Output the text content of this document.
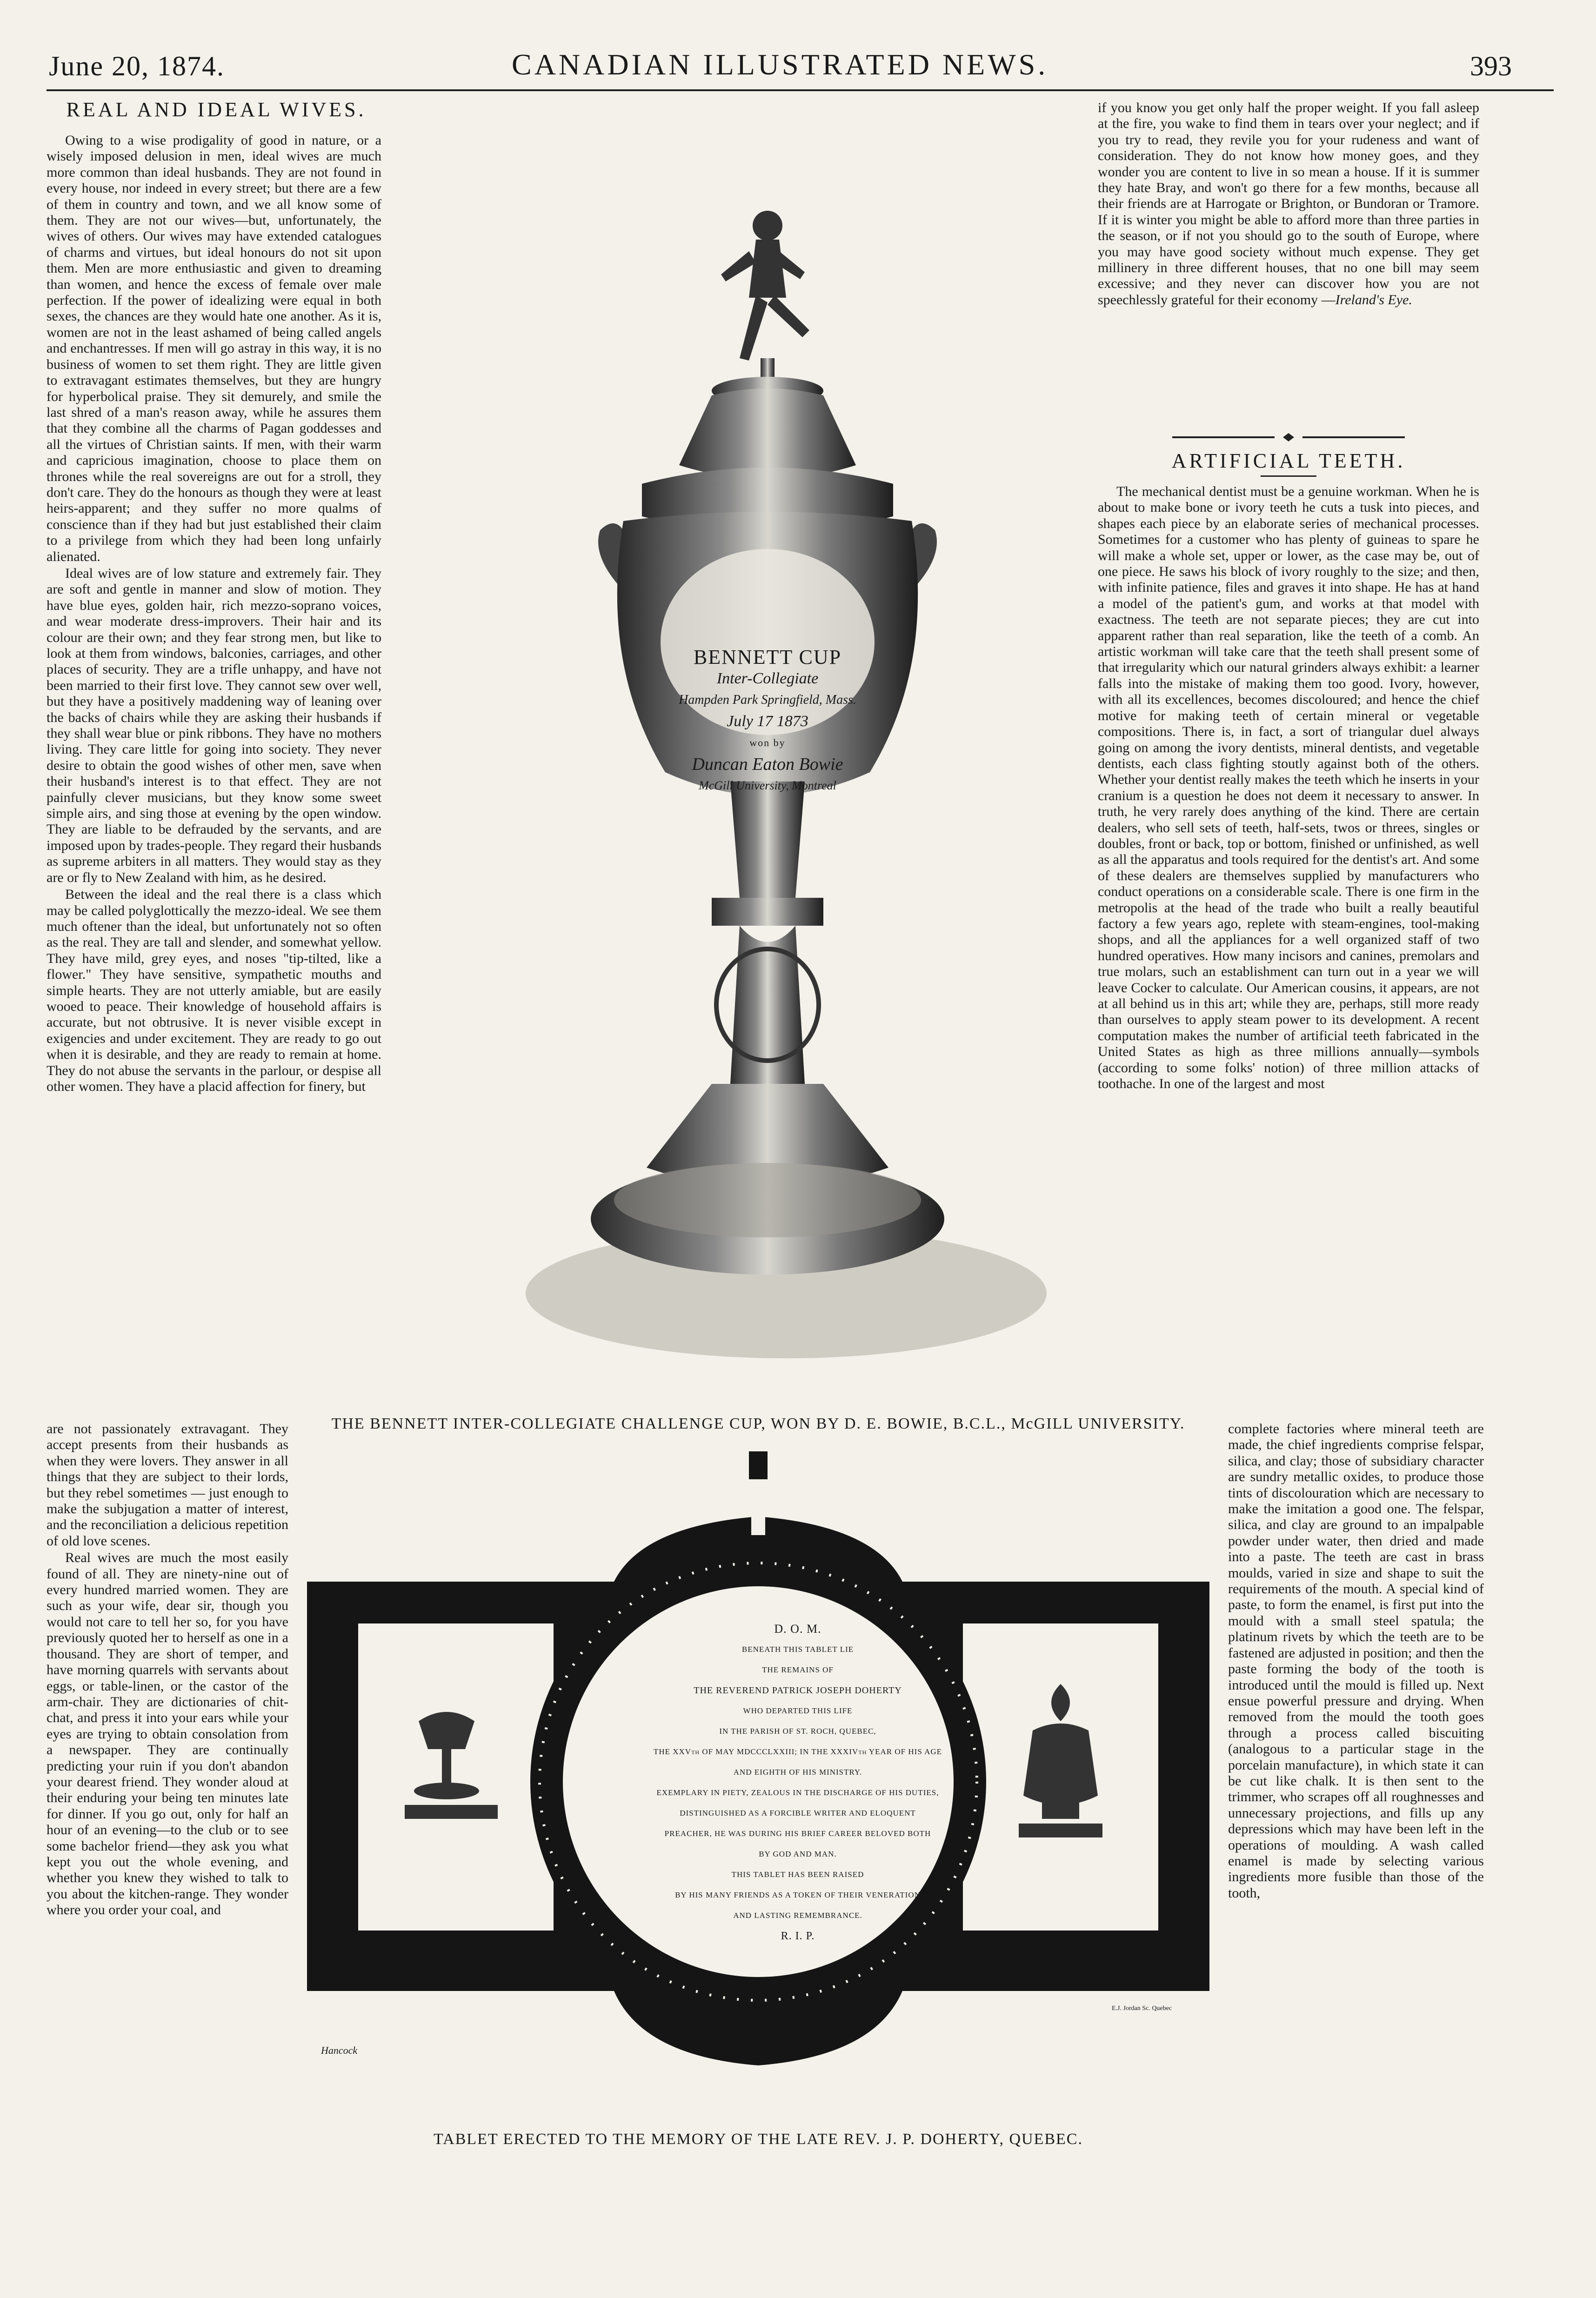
June 20, 1874.	CANADIAN ILLUSTRATED NEWS.	393
REAL AND IDEAL WIVES.

Owing to a wise prodigality of good in nature, or a wisely imposed delusion in men, ideal wives are much more common than ideal husbands. They are not found in every house, nor indeed in every street; but there are a few of them in country and town, and we all know some of them. They are not our wives—but, unfortunately, the wives of others. Our wives may have extended catalogues of charms and virtues, but ideal honours do not sit upon them. Men are more enthusiastic and given to dreaming than women, and hence the excess of female over male perfection. If the power of idealizing were equal in both sexes, the chances are they would hate one another. As it is, women are not in the least ashamed of being called angels and enchantresses. If men will go astray in this way, it is no business of women to set them right. They are little given to extravagant estimates themselves, but they are hungry for hyperbolical praise. They sit demurely, and smile the last shred of a man's reason away, while he assures them that they combine all the charms of Pagan goddesses and all the virtues of Christian saints. If men, with their warm and capricious imagination, choose to place them on thrones while the real sovereigns are out for a stroll, they don't care. They do the honours as though they were at least heirs-apparent; and they suffer no more qualms of conscience than if they had but just established their claim to a privilege from which they had been long unfairly alienated.

Ideal wives are of low stature and extremely fair. They are soft and gentle in manner and slow of motion. They have blue eyes, golden hair, rich mezzo-soprano voices, and wear moderate dress-improvers. Their hair and its colour are their own; and they fear strong men, but like to look at them from windows, balconies, carriages, and other places of security. They are a trifle unhappy, and have not been married to their first love. They cannot sew over well, but they have a positively maddening way of leaning over the backs of chairs while they are asking their husbands if they shall wear blue or pink ribbons. They have no mothers living. They care little for going into society. They never desire to obtain the good wishes of other men, save when their husband's interest is to that effect. They are not painfully clever musicians, but they know some sweet simple airs, and sing those at evening by the open window. They are liable to be defrauded by the servants, and are imposed upon by trades-people. They regard their husbands as supreme arbiters in all matters. They would stay as they are or fly to New Zealand with him, as he desired.

Between the ideal and the real there is a class which may be called polyglottically the mezzo-ideal. We see them much oftener than the ideal, but unfortunately not so often as the real. They are tall and slender, and somewhat yellow. They have mild, grey eyes, and noses "tip-tilted, like a flower." They have sensitive, sympathetic mouths and simple hearts. They are not utterly amiable, but are easily wooed to peace. Their knowledge of household affairs is accurate, but not obtrusive. It is never visible except in exigencies and under excitement. They are ready to go out when it is desirable, and they are ready to remain at home. They do not abuse the servants in the parlour, or despise all other women. They have a placid affection for finery, but

are not passionately extravagant. They accept presents from their husbands as when they were lovers. They answer in all things that they are subject to their lords, but they rebel sometimes — just enough to make the subjugation a matter of interest, and the reconciliation a delicious repetition of old love scenes.

Real wives are much the most easily found of all. They are ninety-nine out of every hundred married women. They are such as your wife, dear sir, though you would not care to tell her so, for you have previously quoted her to herself as one in a thousand. They are short of temper, and have morning quarrels with servants about eggs, or table-linen, or the castor of the arm-chair. They are dictionaries of chit-chat, and press it into your ears while your eyes are trying to obtain consolation from a newspaper. They are continually predicting your ruin if you don't abandon your dearest friend. They wonder aloud at their enduring your being ten minutes late for dinner. If you go out, only for half an hour of an evening—to the club or to see some bachelor friend—they ask you what kept you out the whole evening, and whether you knew they wished to talk to you about the kitchen-range. They wonder where you order your coal, and

if you know you get only half the proper weight. If you fall asleep at the fire, you wake to find them in tears over your neglect; and if you try to read, they revile you for your rudeness and want of consideration. They do not know how money goes, and they wonder you are content to live in so mean a house. If it is summer they hate Bray, and won't go there for a few months, because all their friends are at Harrogate or Brighton, or Bundoran or Tramore. If it is winter you might be able to afford more than three parties in the season, or if not you should go to the south of Europe, where you may have good society without much expense. They get millinery in three different houses, that no one bill may seem excessive; and they never can discover how you are not speechlessly grateful for their economy —Ireland's Eye.

ARTIFICIAL TEETH.

The mechanical dentist must be a genuine workman. When he is about to make bone or ivory teeth he cuts a tusk into pieces, and shapes each piece by an elaborate series of mechanical processes. Sometimes for a customer who has plenty of guineas to spare he will make a whole set, upper or lower, as the case may be, out of one piece. He saws his block of ivory roughly to the size; and then, with infinite patience, files and graves it into shape. He has at hand a model of the patient's gum, and works at that model with exactness. The teeth are not separate pieces; they are cut into apparent rather than real separation, like the teeth of a comb. An artistic workman will take care that the teeth shall present some of that irregularity which our natural grinders always exhibit: a learner falls into the mistake of making them too good. Ivory, however, with all its excellences, becomes discoloured; and hence the chief motive for making teeth of certain mineral or vegetable compositions. There is, in fact, a sort of triangular duel always going on among the ivory dentists, mineral dentists, and vegetable dentists, each class fighting stoutly against both of the others. Whether your dentist really makes the teeth which he inserts in your cranium is a question he does not deem it necessary to answer. In truth, he very rarely does anything of the kind. There are certain dealers, who sell sets of teeth, half-sets, twos or threes, singles or doubles, front or back, top or bottom, finished or unfinished, as well as all the apparatus and tools required for the dentist's art. And some of these dealers are themselves supplied by manufacturers who conduct operations on a considerable scale. There is one firm in the metropolis at the head of the trade who built a really beautiful factory a few years ago, replete with steam-engines, tool-making shops, and all the appliances for a well organized staff of two hundred operatives. How many incisors and canines, premolars and true molars, such an establishment can turn out in a year we will leave Cocker to calculate. Our American cousins, it appears, are not at all behind us in this art; while they are, perhaps, still more ready than ourselves to apply steam power to its development. A recent computation makes the number of artificial teeth fabricated in the United States as high as three millions annually—symbols (according to some folks' notion) of three million attacks of toothache. In one of the largest and most

complete factories where mineral teeth are made, the chief ingredients comprise felspar, silica, and clay; those of subsidiary character are sundry metallic oxides, to produce those tints of discolouration which are necessary to make the imitation a good one. The felspar, silica, and clay are ground to an impalpable powder under water, then dried and made into a paste. The teeth are cast in brass moulds, varied in size and shape to suit the requirements of the mouth. A special kind of paste, to form the enamel, is first put into the mould with a small steel spatula; the platinum rivets by which the teeth are to be fastened are adjusted in position; and then the paste forming the body of the tooth is introduced until the mould is filled up. Next ensue powerful pressure and drying. When removed from the mould the tooth goes through a process called biscuiting (analogous to a particular stage in the porcelain manufacture), in which state it can be cut like chalk. It is then sent to the trimmer, who scrapes off all roughnesses and unnecessary projections, and fills up any depressions which may have been left in the operations of moulding. A wash called enamel is made by selecting various ingredients more fusible than those of the tooth,

BENNETT CUP
Inter-Collegiate
Hampden Park Springfield, Mass.
July 17 1873
won by
Duncan Eaton Bowie
McGill University, Montreal
THE BENNETT INTER-COLLEGIATE CHALLENGE CUP, WON BY D. E. BOWIE, B.C.L., McGILL UNIVERSITY.
D. O. M.
BENEATH THIS TABLET LIE
THE REMAINS OF
THE REVEREND PATRICK JOSEPH DOHERTY
WHO DEPARTED THIS LIFE
IN THE PARISH OF ST. ROCH, QUEBEC,
THE XXVth OF MAY MDCCCLXXIII; IN THE XXXIVth YEAR OF HIS AGE
AND EIGHTH OF HIS MINISTRY.
EXEMPLARY IN PIETY, ZEALOUS IN THE DISCHARGE OF HIS DUTIES,
DISTINGUISHED AS A FORCIBLE WRITER AND ELOQUENT
PREACHER, HE WAS DURING HIS BRIEF CAREER BELOVED BOTH
BY GOD AND MAN.
THIS TABLET HAS BEEN RAISED
BY HIS MANY FRIENDS AS A TOKEN OF THEIR VENERATION
AND LASTING REMEMBRANCE.
R. I. P.
Hancock
E.J. Jordan Sc. Quebec
TABLET ERECTED TO THE MEMORY OF THE LATE REV. J. P. DOHERTY, QUEBEC.
